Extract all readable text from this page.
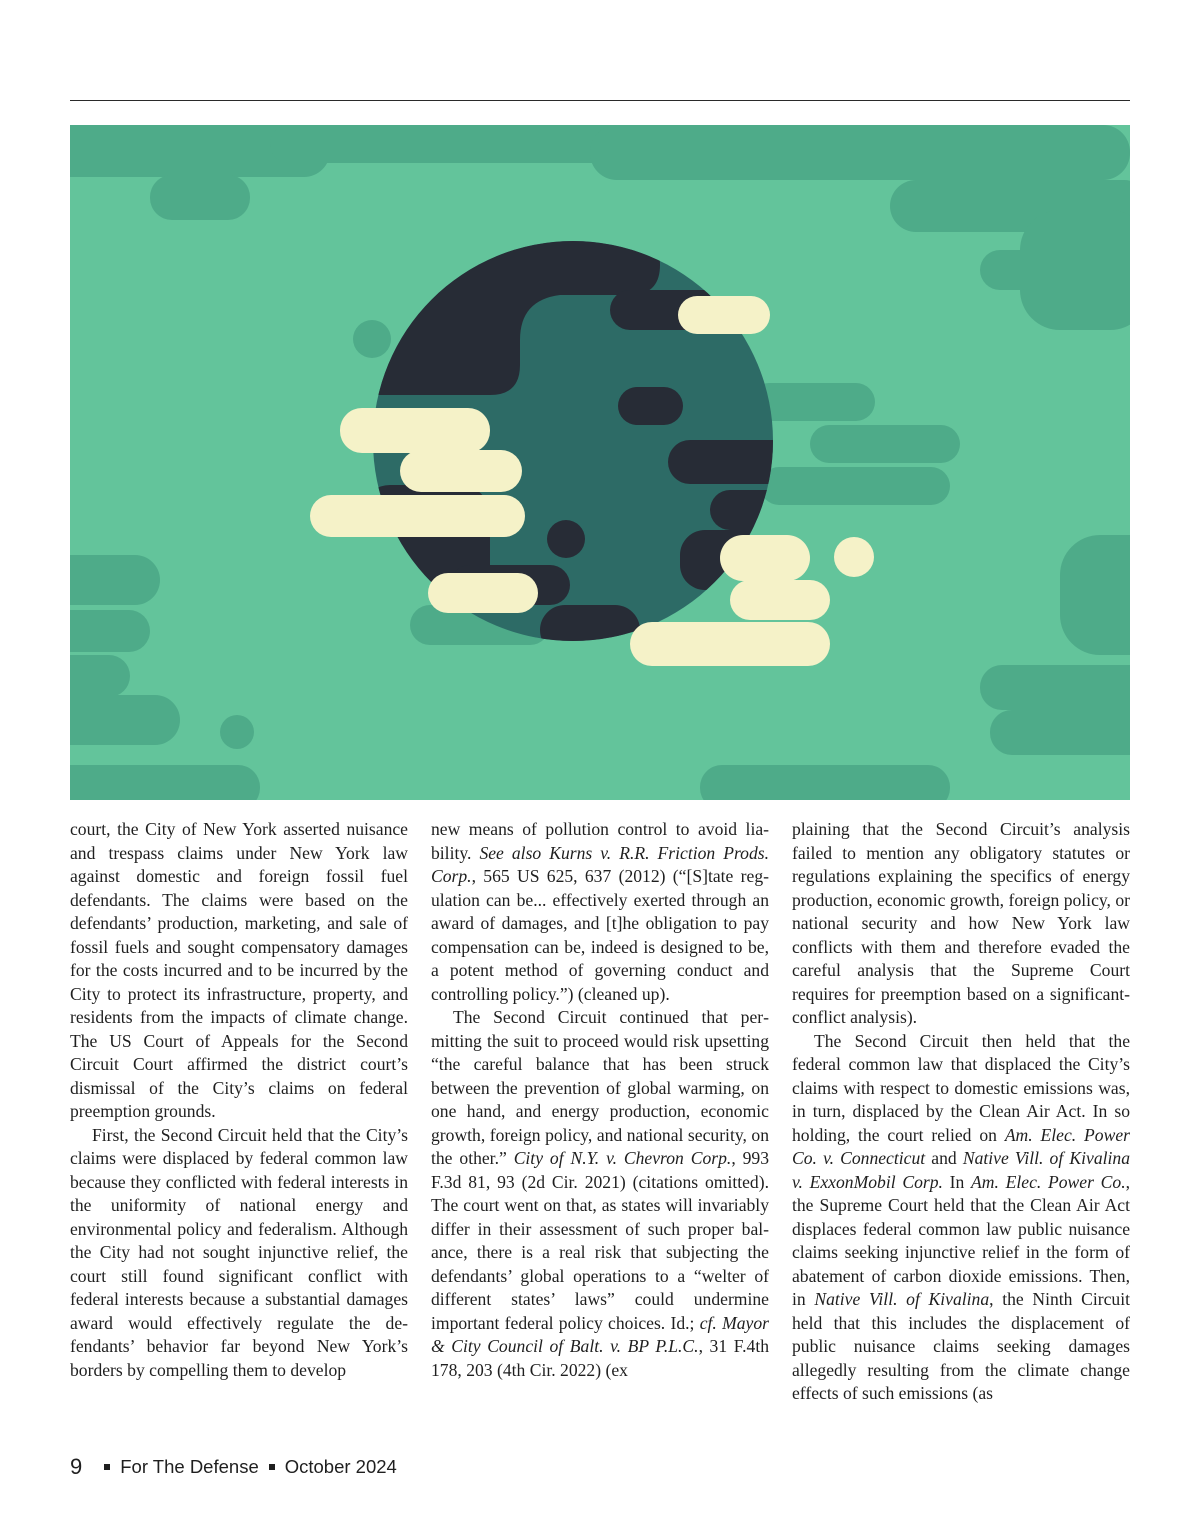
court, the City of New York asserted nuisance and trespass claims under New York law against domestic and foreign fossil fuel defendants. The claims were based on the defendants’ production, marketing, and sale of fossil fuels and sought compensatory damages for the costs incurred and to be incurred by the City to protect its infrastructure, property, and residents from the impacts of climate change. The US Court of Appeals for the Second Circuit Court affirmed the district court’s dismissal of the City’s claims on federal preemption grounds.

First, the Second Circuit held that the City’s claims were displaced by federal common law because they conflicted with federal interests in the uniformity of national energy and environmental policy and federalism. Although the City had not sought injunctive relief, the court still found significant conflict with federal interests because a substantial damages award would effectively regulate the defendants’ behavior far beyond New York’s borders by compelling them to develop

new means of pollution control to avoid liability. See also Kurns v. R.R. Friction Prods. Corp., 565 US 625, 637 (2012) (“[S]tate regulation can be... effectively exerted through an award of damages, and [t]he obligation to pay compensation can be, indeed is designed to be, a potent method of governing conduct and controlling policy.”) (cleaned up).

The Second Circuit continued that permitting the suit to proceed would risk upsetting “the careful balance that has been struck between the prevention of global warming, on one hand, and energy production, economic growth, foreign policy, and national security, on the other.” City of N.Y. v. Chevron Corp., 993 F.3d 81, 93 (2d Cir. 2021) (citations omitted). The court went on that, as states will invariably differ in their assessment of such proper balance, there is a real risk that subjecting the defendants’ global operations to a “welter of different states’ laws” could undermine important federal policy choices. Id.; cf. Mayor & City Council of Balt. v. BP P.L.C., 31 F.4th 178, 203 (4th Cir. 2022) (ex

plaining that the Second Circuit’s analysis failed to mention any obligatory statutes or regulations explaining the specifics of energy production, economic growth, foreign policy, or national security and how New York law conflicts with them and therefore evaded the careful analysis that the Supreme Court requires for preemption based on a significant-conflict analysis).

The Second Circuit then held that the federal common law that displaced the City’s claims with respect to domestic emissions was, in turn, displaced by the Clean Air Act. In so holding, the court relied on Am. Elec. Power Co. v. Connecticut and Native Vill. of Kivalina v. ExxonMobil Corp. In Am. Elec. Power Co., the Supreme Court held that the Clean Air Act displaces federal common law public nuisance claims seeking injunctive relief in the form of abatement of carbon dioxide emissions. Then, in Native Vill. of Kivalina, the Ninth Circuit held that this includes the displacement of public nuisance claims seeking damages allegedly resulting from the climate change effects of such emissions (as

9 For The Defense October 2024
